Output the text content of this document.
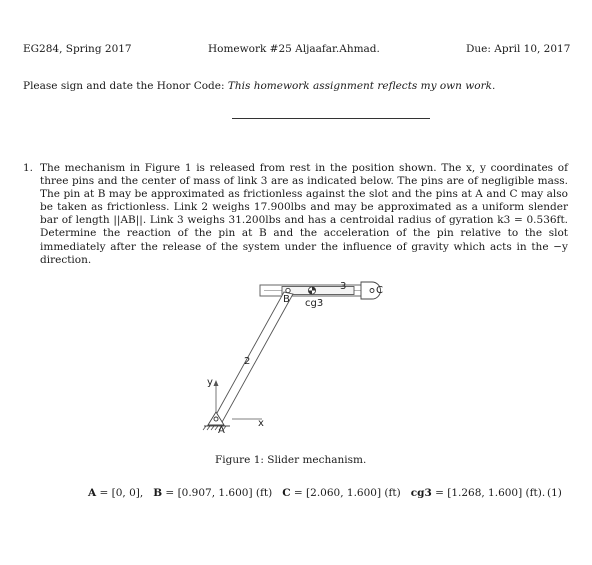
EG284, Spring 2017	Homework #25 Aljaafar.Ahmad.	Due: April 10, 2017
Please sign and date the Honor Code: This homework assignment reflects my own work.
1. The mechanism in Figure 1 is released from rest in the position shown. The x, y coordinates of three pins and the center of mass of link 3 are as indicated below. The pins are of negligible mass. The pin at B may be approximated as frictionless against the slot and the pins at A and C may also be taken as frictionless. Link 2 weighs 17.900lbs and may be approximated as a uniform slender bar of length ||AB||. Link 3 weighs 31.200lbs and has a centroidal radius of gyration k3 = 0.536ft. Determine the reaction of the pin at B and the acceleration of the pin relative to the slot immediately after the release of the system under the influence of gravity which acts in the −y direction.

B
3	C
cg3
2
y
A
x
Figure 1: Slider mechanism.
A = [0, 0], B = [0.907, 1.600] (ft) C = [2.060, 1.600] (ft) cg3 = [1.268, 1.600] (ft). (1)
